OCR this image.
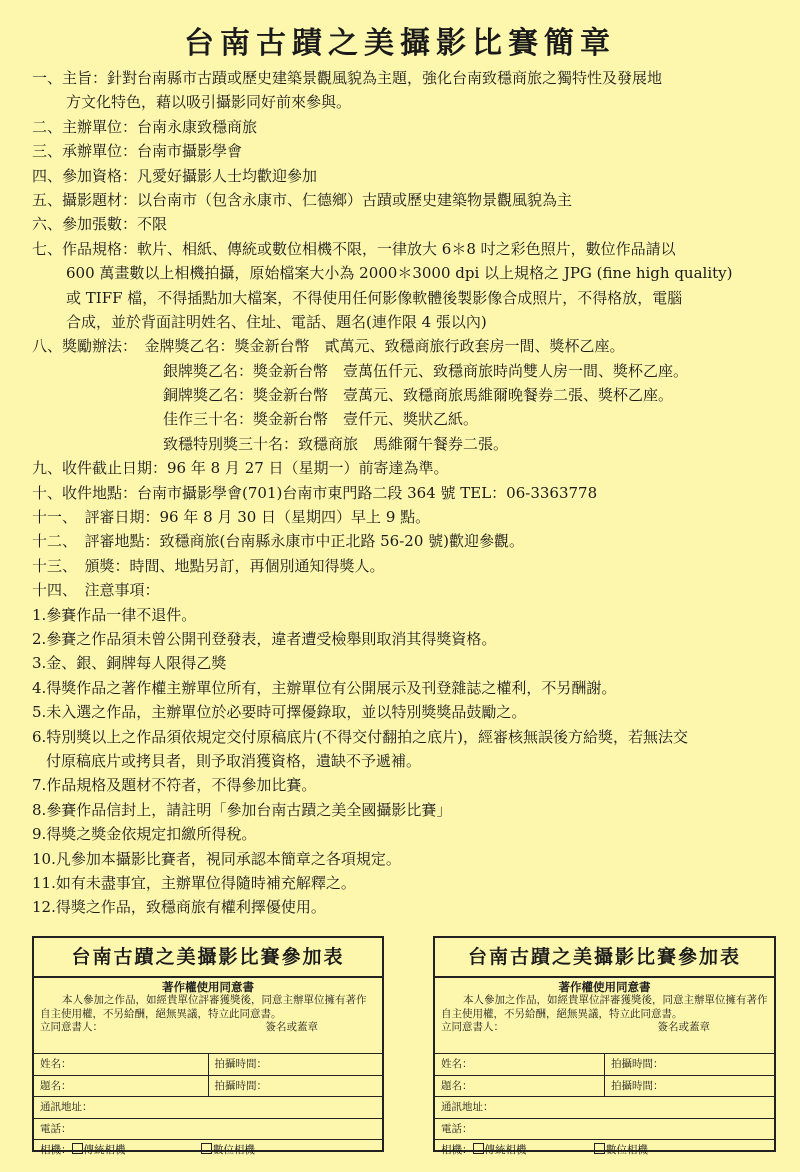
台南古蹟之美攝影比賽簡章
一、主旨：針對台南縣市古蹟或歷史建築景觀風貌為主題，強化台南致穩商旅之獨特性及發展地
方文化特色，藉以吸引攝影同好前來參與。
二、主辦單位：台南永康致穩商旅
三、承辦單位：台南市攝影學會
四、參加資格：凡愛好攝影人士均歡迎參加
五、攝影題材：以台南市（包含永康市、仁德鄉）古蹟或歷史建築物景觀風貌為主
六、參加張數：不限
七、作品規格：軟片、相紙、傳統或數位相機不限，一律放大 6＊8 吋之彩色照片，數位作品請以
600 萬畫數以上相機拍攝，原始檔案大小為 2000＊3000 dpi 以上規格之 JPG (fine high quality)
或 TIFF 檔，不得插點加大檔案，不得使用任何影像軟體後製影像合成照片，不得格放，電腦
合成，並於背面註明姓名、住址、電話、題名(連作限 4 張以內)
八、獎勵辦法：　金牌獎乙名：獎金新台幣　貳萬元、致穩商旅行政套房一間、獎杯乙座。
銀牌獎乙名：獎金新台幣　壹萬伍仟元、致穩商旅時尚雙人房一間、獎杯乙座。
銅牌獎乙名：獎金新台幣　壹萬元、致穩商旅馬維爾晚餐券二張、獎杯乙座。
佳作三十名：獎金新台幣　壹仟元、獎狀乙紙。
致穩特別獎三十名：致穩商旅　馬維爾午餐券二張。
九、收件截止日期：96 年 8 月 27 日（星期一）前寄達為準。
十、收件地點：台南市攝影學會(701)台南市東門路二段 364 號 TEL：06-3363778
十一、　評審日期：96 年 8 月 30 日（星期四）早上 9 點。
十二、　評審地點：致穩商旅(台南縣永康市中正北路 56-20 號)歡迎參觀。
十三、　頒獎：時間、地點另訂，再個別通知得獎人。
十四、　注意事項：
1.參賽作品一律不退件。
2.參賽之作品須未曾公開刊登發表，違者遭受檢舉則取消其得獎資格。
3.金、銀、銅牌每人限得乙獎
4.得獎作品之著作權主辦單位所有，主辦單位有公開展示及刊登雜誌之權利，不另酬謝。
5.未入選之作品，主辦單位於必要時可擇優錄取，並以特別獎獎品鼓勵之。
6.特別獎以上之作品須依規定交付原稿底片(不得交付翻拍之底片)，經審核無誤後方給獎，若無法交
付原稿底片或拷貝者，則予取消獲資格，遺缺不予遞補。
7.作品規格及題材不符者，不得參加比賽。
8.參賽作品信封上，請註明「參加台南古蹟之美全國攝影比賽」
9.得獎之獎金依規定扣繳所得稅。
10.凡參加本攝影比賽者，視同承認本簡章之各項規定。
11.如有未盡事宜，主辦單位得隨時補充解釋之。
12.得獎之作品，致穩商旅有權利擇優使用。
台南古蹟之美攝影比賽參加表
著作權使用同意書
本人參加之作品，如經貴單位評審獲獎後，同意主辦單位擁有著作自主使用權，不另給酬，絕無異議，特立此同意書。
立同意書人：	簽名或蓋章
姓名：	拍攝時間：
題名：	拍攝時間：
通訊地址：
電話：
相機： 傳統相機	數位相機
台南古蹟之美攝影比賽參加表
著作權使用同意書
本人參加之作品，如經貴單位評審獲獎後，同意主辦單位擁有著作自主使用權，不另給酬，絕無異議，特立此同意書。
立同意書人：	簽名或蓋章
姓名：	拍攝時間：
題名：	拍攝時間：
通訊地址：
電話：
相機： 傳統相機	數位相機
